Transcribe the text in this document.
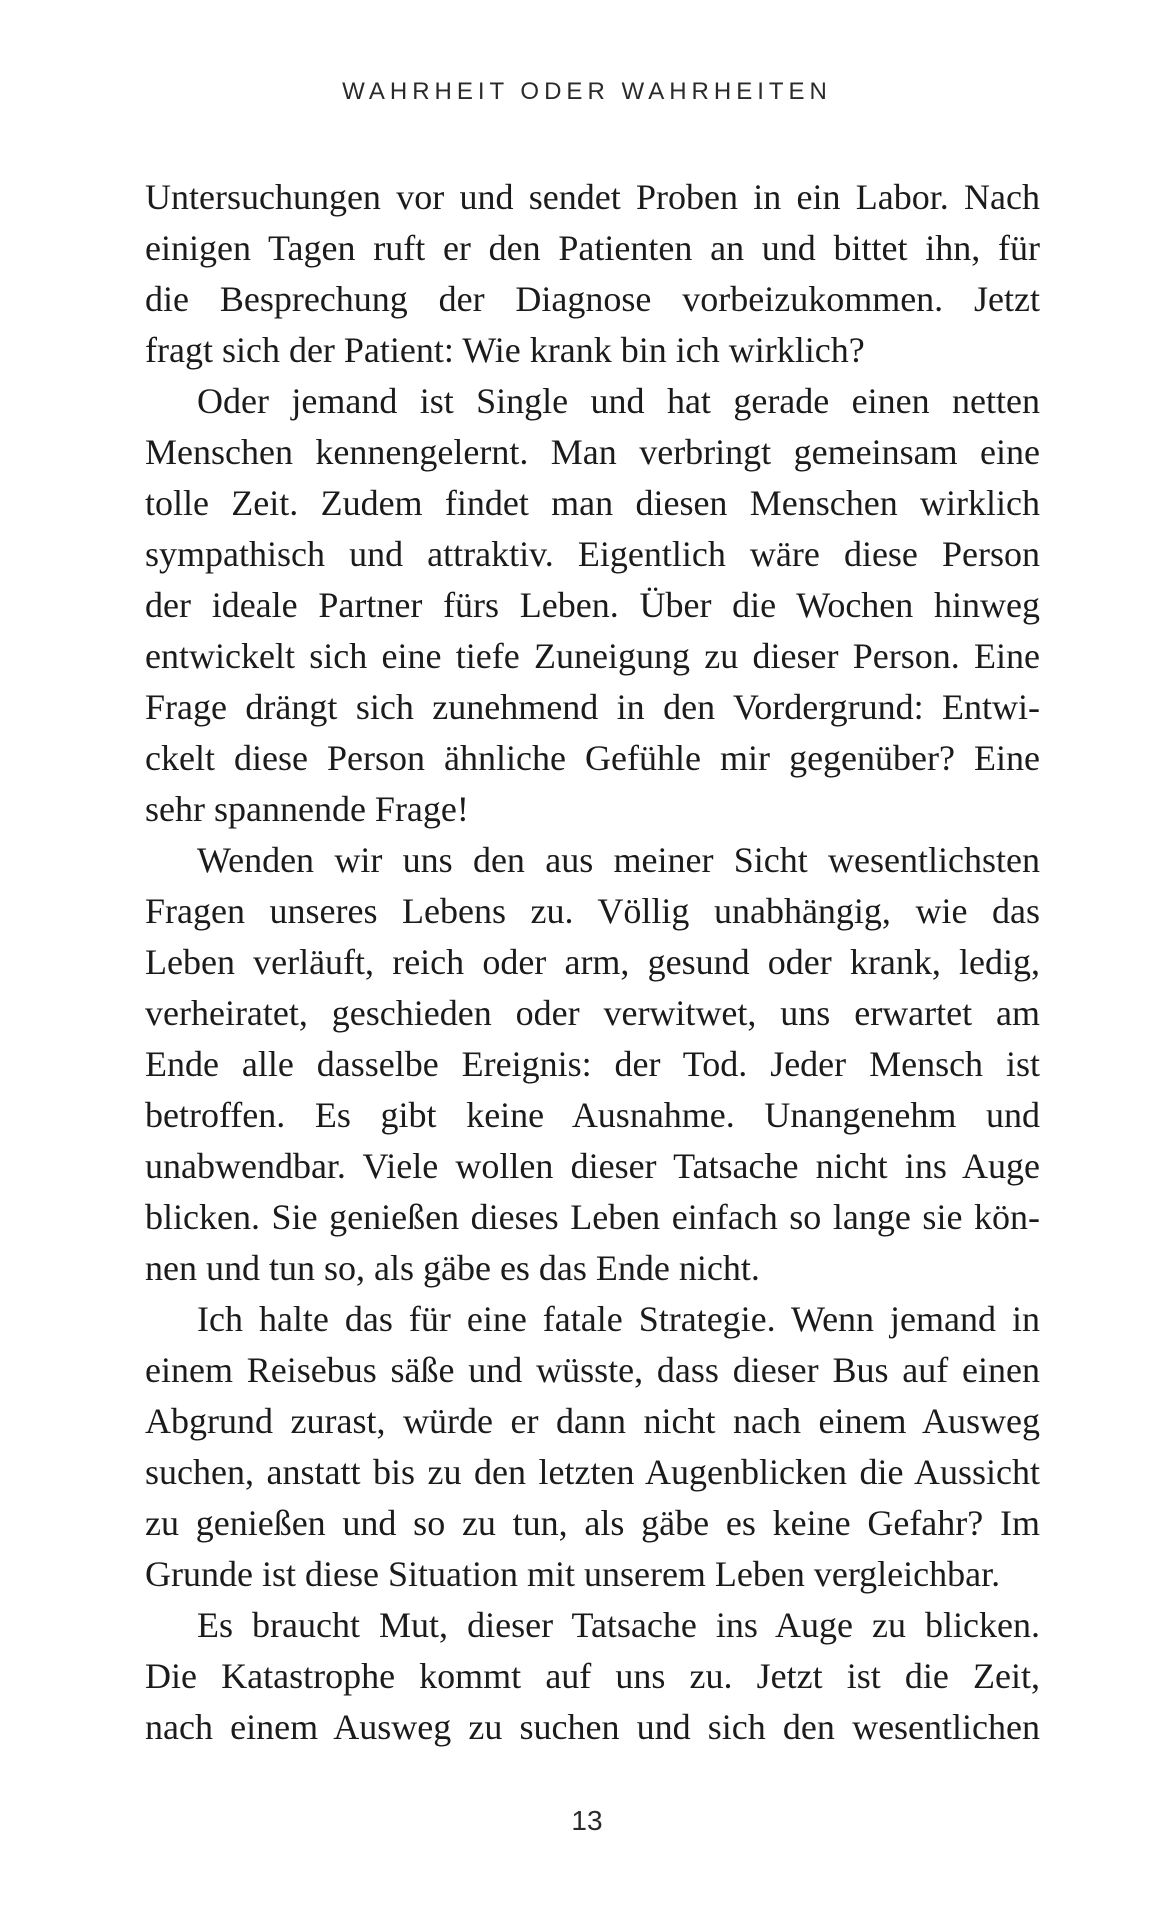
WAHRHEIT ODER WAHRHEITEN
Untersuchungen vor und sendet Proben in ein Labor. Nach
einigen Tagen ruft er den Patienten an und bittet ihn, für
die Besprechung der Diagnose vorbeizukommen. Jetzt
fragt sich der Patient: Wie krank bin ich wirklich?
Oder jemand ist Single und hat gerade einen netten
Menschen kennengelernt. Man verbringt gemeinsam eine
tolle Zeit. Zudem findet man diesen Menschen wirklich
sympathisch und attraktiv. Eigentlich wäre diese Person
der ideale Partner fürs Leben. Über die Wochen hinweg
entwickelt sich eine tiefe Zuneigung zu dieser Person. Eine
Frage drängt sich zunehmend in den Vordergrund: Entwi-
ckelt diese Person ähnliche Gefühle mir gegenüber? Eine
sehr spannende Frage!
Wenden wir uns den aus meiner Sicht wesentlichsten
Fragen unseres Lebens zu. Völlig unabhängig, wie das
Leben verläuft, reich oder arm, gesund oder krank, ledig,
verheiratet, geschieden oder verwitwet, uns erwartet am
Ende alle dasselbe Ereignis: der Tod. Jeder Mensch ist
betroffen. Es gibt keine Ausnahme. Unangenehm und
unabwendbar. Viele wollen dieser Tatsache nicht ins Auge
blicken. Sie genießen dieses Leben einfach so lange sie kön-
nen und tun so, als gäbe es das Ende nicht.
Ich halte das für eine fatale Strategie. Wenn jemand in
einem Reisebus säße und wüsste, dass dieser Bus auf einen
Abgrund zurast, würde er dann nicht nach einem Ausweg
suchen, anstatt bis zu den letzten Augenblicken die Aussicht
zu genießen und so zu tun, als gäbe es keine Gefahr? Im
Grunde ist diese Situation mit unserem Leben vergleichbar.
Es braucht Mut, dieser Tatsache ins Auge zu blicken.
Die Katastrophe kommt auf uns zu. Jetzt ist die Zeit,
nach einem Ausweg zu suchen und sich den wesentlichen
13
